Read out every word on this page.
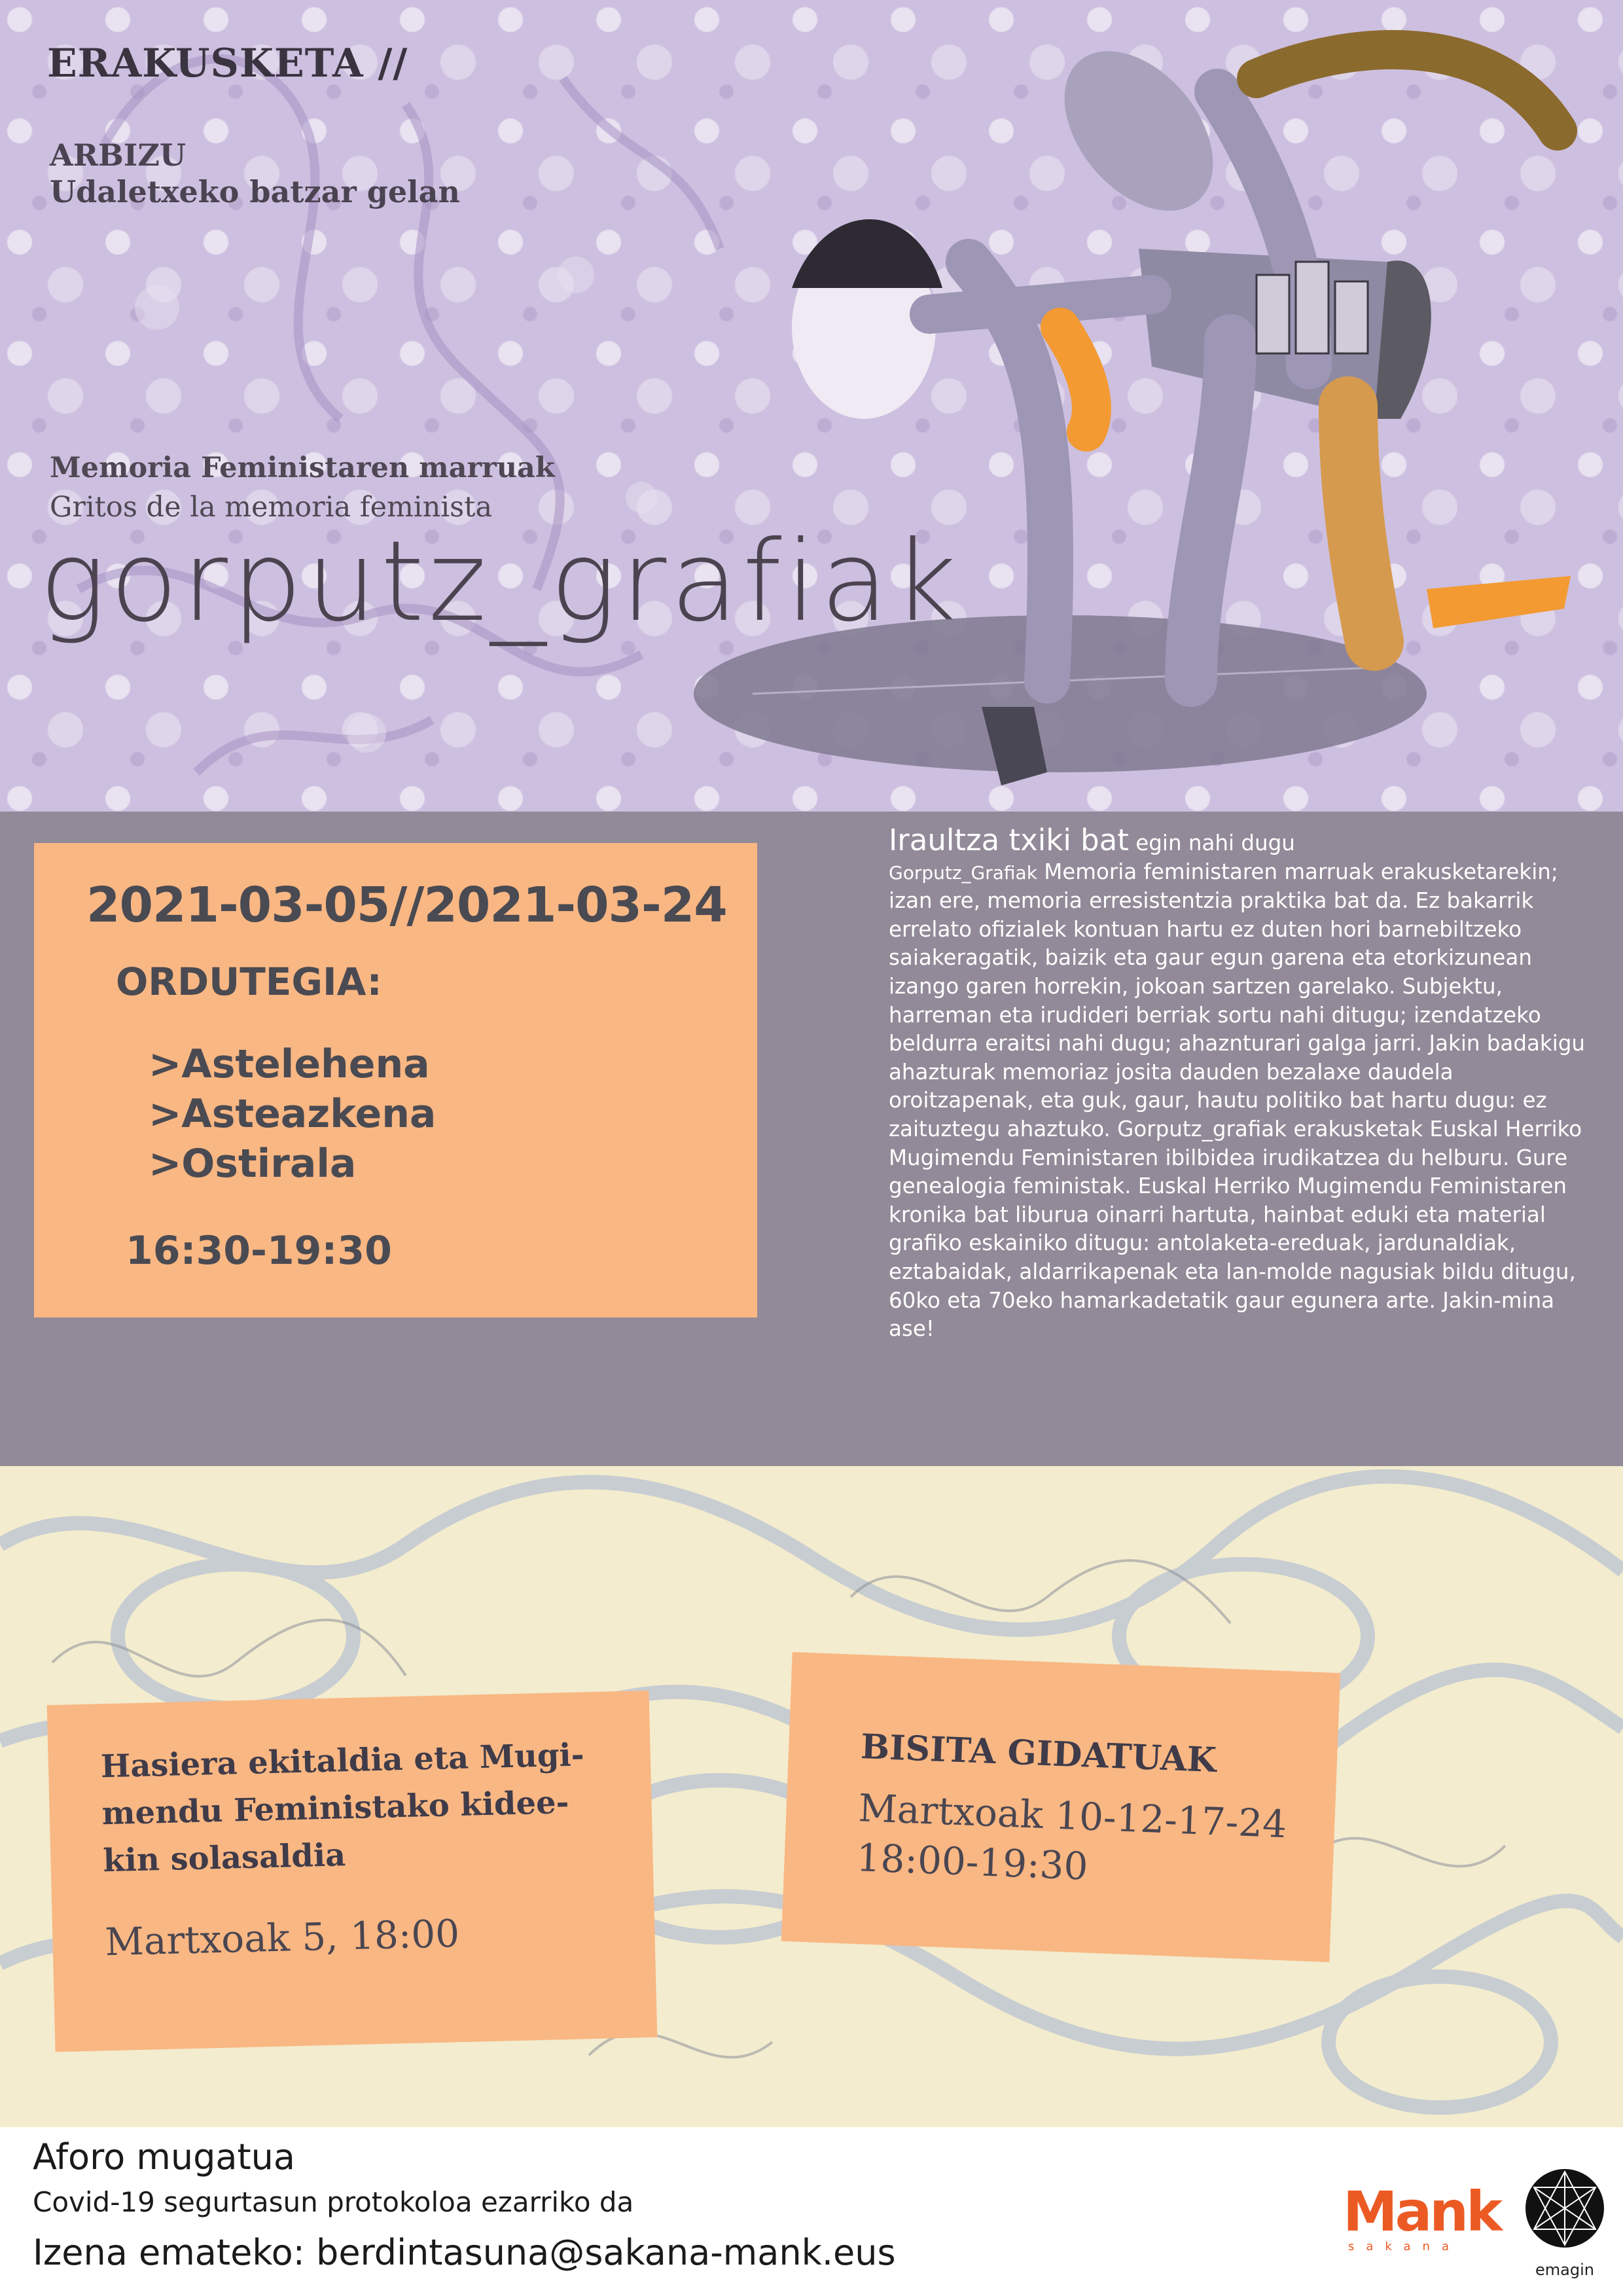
ERAKUSKETA //
ARBIZU
Udaletxeko batzar gelan
Memoria Feministaren marruak
Gritos de la memoria feminista
gorputz_grafiak
2021-03-05//2021-03-24
ORDUTEGIA:
>Astelehena
>Asteazkena
>Ostirala
16:30-19:30
Iraultza txiki bat egin nahi dugu
Gorputz_Grafiak Memoria feministaren marruak erakusketarekin; izan ere, memoria erresistentzia praktika bat da. Ez bakarrik errelato ofizialek kontuan hartu ez duten hori barnebiltzeko saiakeragatik, baizik eta gaur egun garena eta etorkizunean izango garen horrekin, jokoan sartzen garelako. Subjektu, harreman eta irudideri berriak sortu nahi ditugu; izendatzeko beldurra eraitsi nahi dugu; ahaznturari galga jarri. Jakin badakigu ahazturak memoriaz josita dauden bezalaxe daudela oroitzapenak, eta guk, gaur, hautu politiko bat hartu dugu: ez zaituztegu ahaztuko. Gorputz_grafiak erakusketak Euskal Herriko Mugimendu Feministaren ibilbidea irudikatzea du helburu. Gure genealogia feministak. Euskal Herriko Mugimendu Feministaren kronika bat liburua oinarri hartuta, hainbat eduki eta material grafiko eskainiko ditugu: antolaketa-ereduak, jardunaldiak, eztabaidak, aldarrikapenak eta lan-molde nagusiak bildu ditugu, 60ko eta 70eko hamarkadetatik gaur egunera arte. Jakin-mina ase!
Hasiera ekitaldia eta Mugi-mendu Feministako kidee-kin solasaldia
Martxoak 5, 18:00
BISITA GIDATUAK
Martxoak 10-12-17-24
18:00-19:30
Aforo mugatua
Covid-19 segurtasun protokoloa ezarriko da
Izena emateko: berdintasuna@sakana-mank.eus
Mank
sakana
emagin
